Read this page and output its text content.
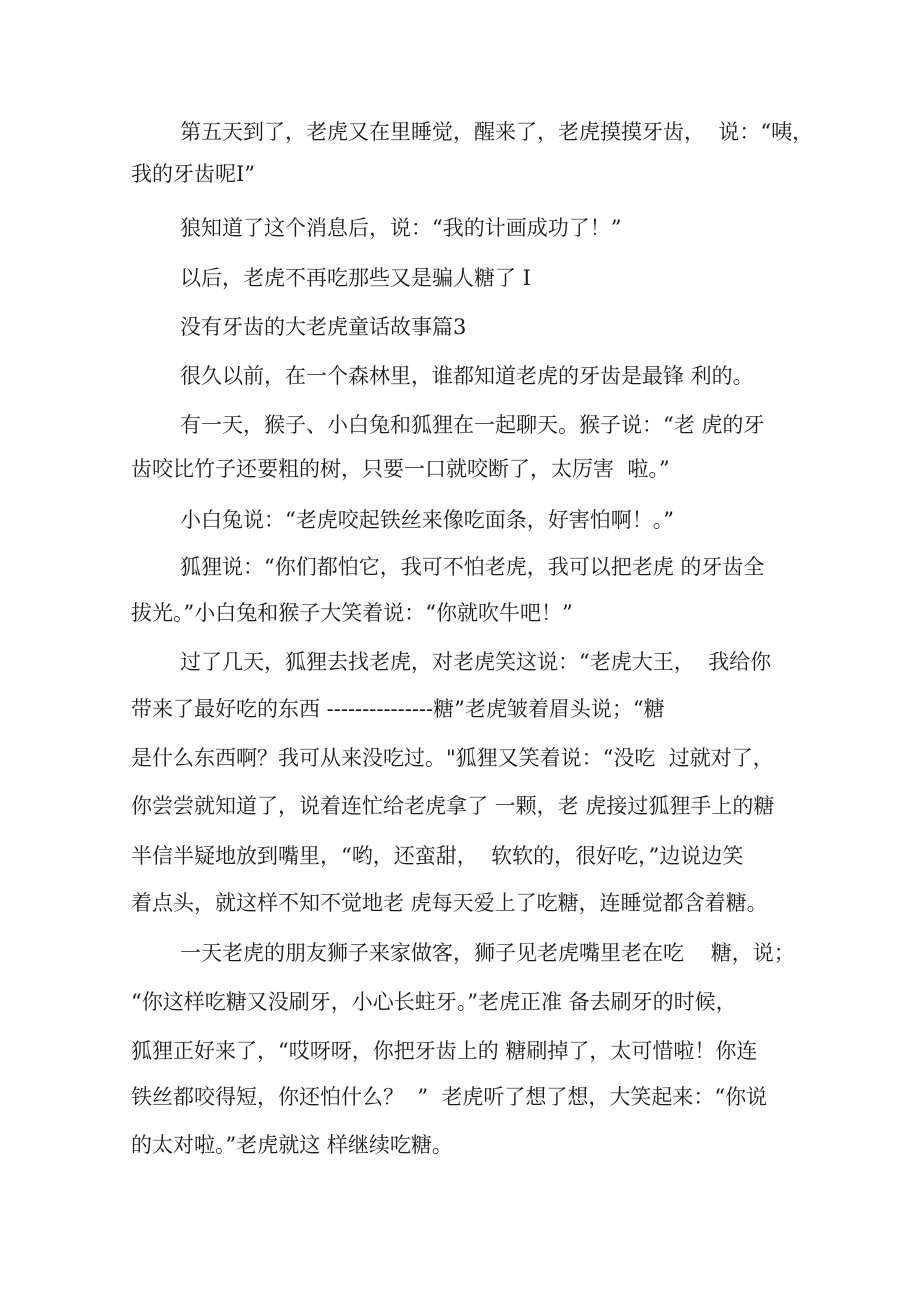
第五天到了，老虎又在里睡觉，醒来了，老虎摸摸牙齿，  说：“咦，

我的牙齿呢I”

狼知道了这个消息后，说：“我的计画成功了！”

以后，老虎不再吃那些又是骗人糖了 I

没有牙齿的大老虎童话故事篇3

很久以前，在一个森林里，谁都知道老虎的牙齿是最锋 利的。

有一天，猴子、小白兔和狐狸在一起聊天。猴子说：“老 虎的牙

齿咬比竹子还要粗的树，只要一口就咬断了，太厉害  啦。”

小白兔说：“老虎咬起铁丝来像吃面条，好害怕啊！。”

狐狸说：“你们都怕它，我可不怕老虎，我可以把老虎 的牙齿全

拔光。”小白兔和猴子大笑着说：“你就吹牛吧！”

过了几天，狐狸去找老虎，对老虎笑这说：“老虎大王，  我给你

带来了最好吃的东西 ---------------糖”老虎皱着眉头说；“糖

是什么东西啊？我可从来没吃过。"狐狸又笑着说：“没吃  过就对了，

你尝尝就知道了，说着连忙给老虎拿了 一颗，老 虎接过狐狸手上的糖

半信半疑地放到嘴里，“哟，还蛮甜，  软软的，很好吃，”边说边笑

着点头，就这样不知不觉地老 虎每天爱上了吃糖，连睡觉都含着糖。

一天老虎的朋友狮子来家做客，狮子见老虎嘴里老在吃    糖，说；

“你这样吃糖又没刷牙，小心长蛀牙。”老虎正准 备去刷牙的时候，

狐狸正好来了，“哎呀呀，你把牙齿上的 糖刷掉了，太可惜啦！你连

铁丝都咬得短，你还怕什么？  ”  老虎听了想了想，大笑起来：“你说

的太对啦。”老虎就这 样继续吃糖。
